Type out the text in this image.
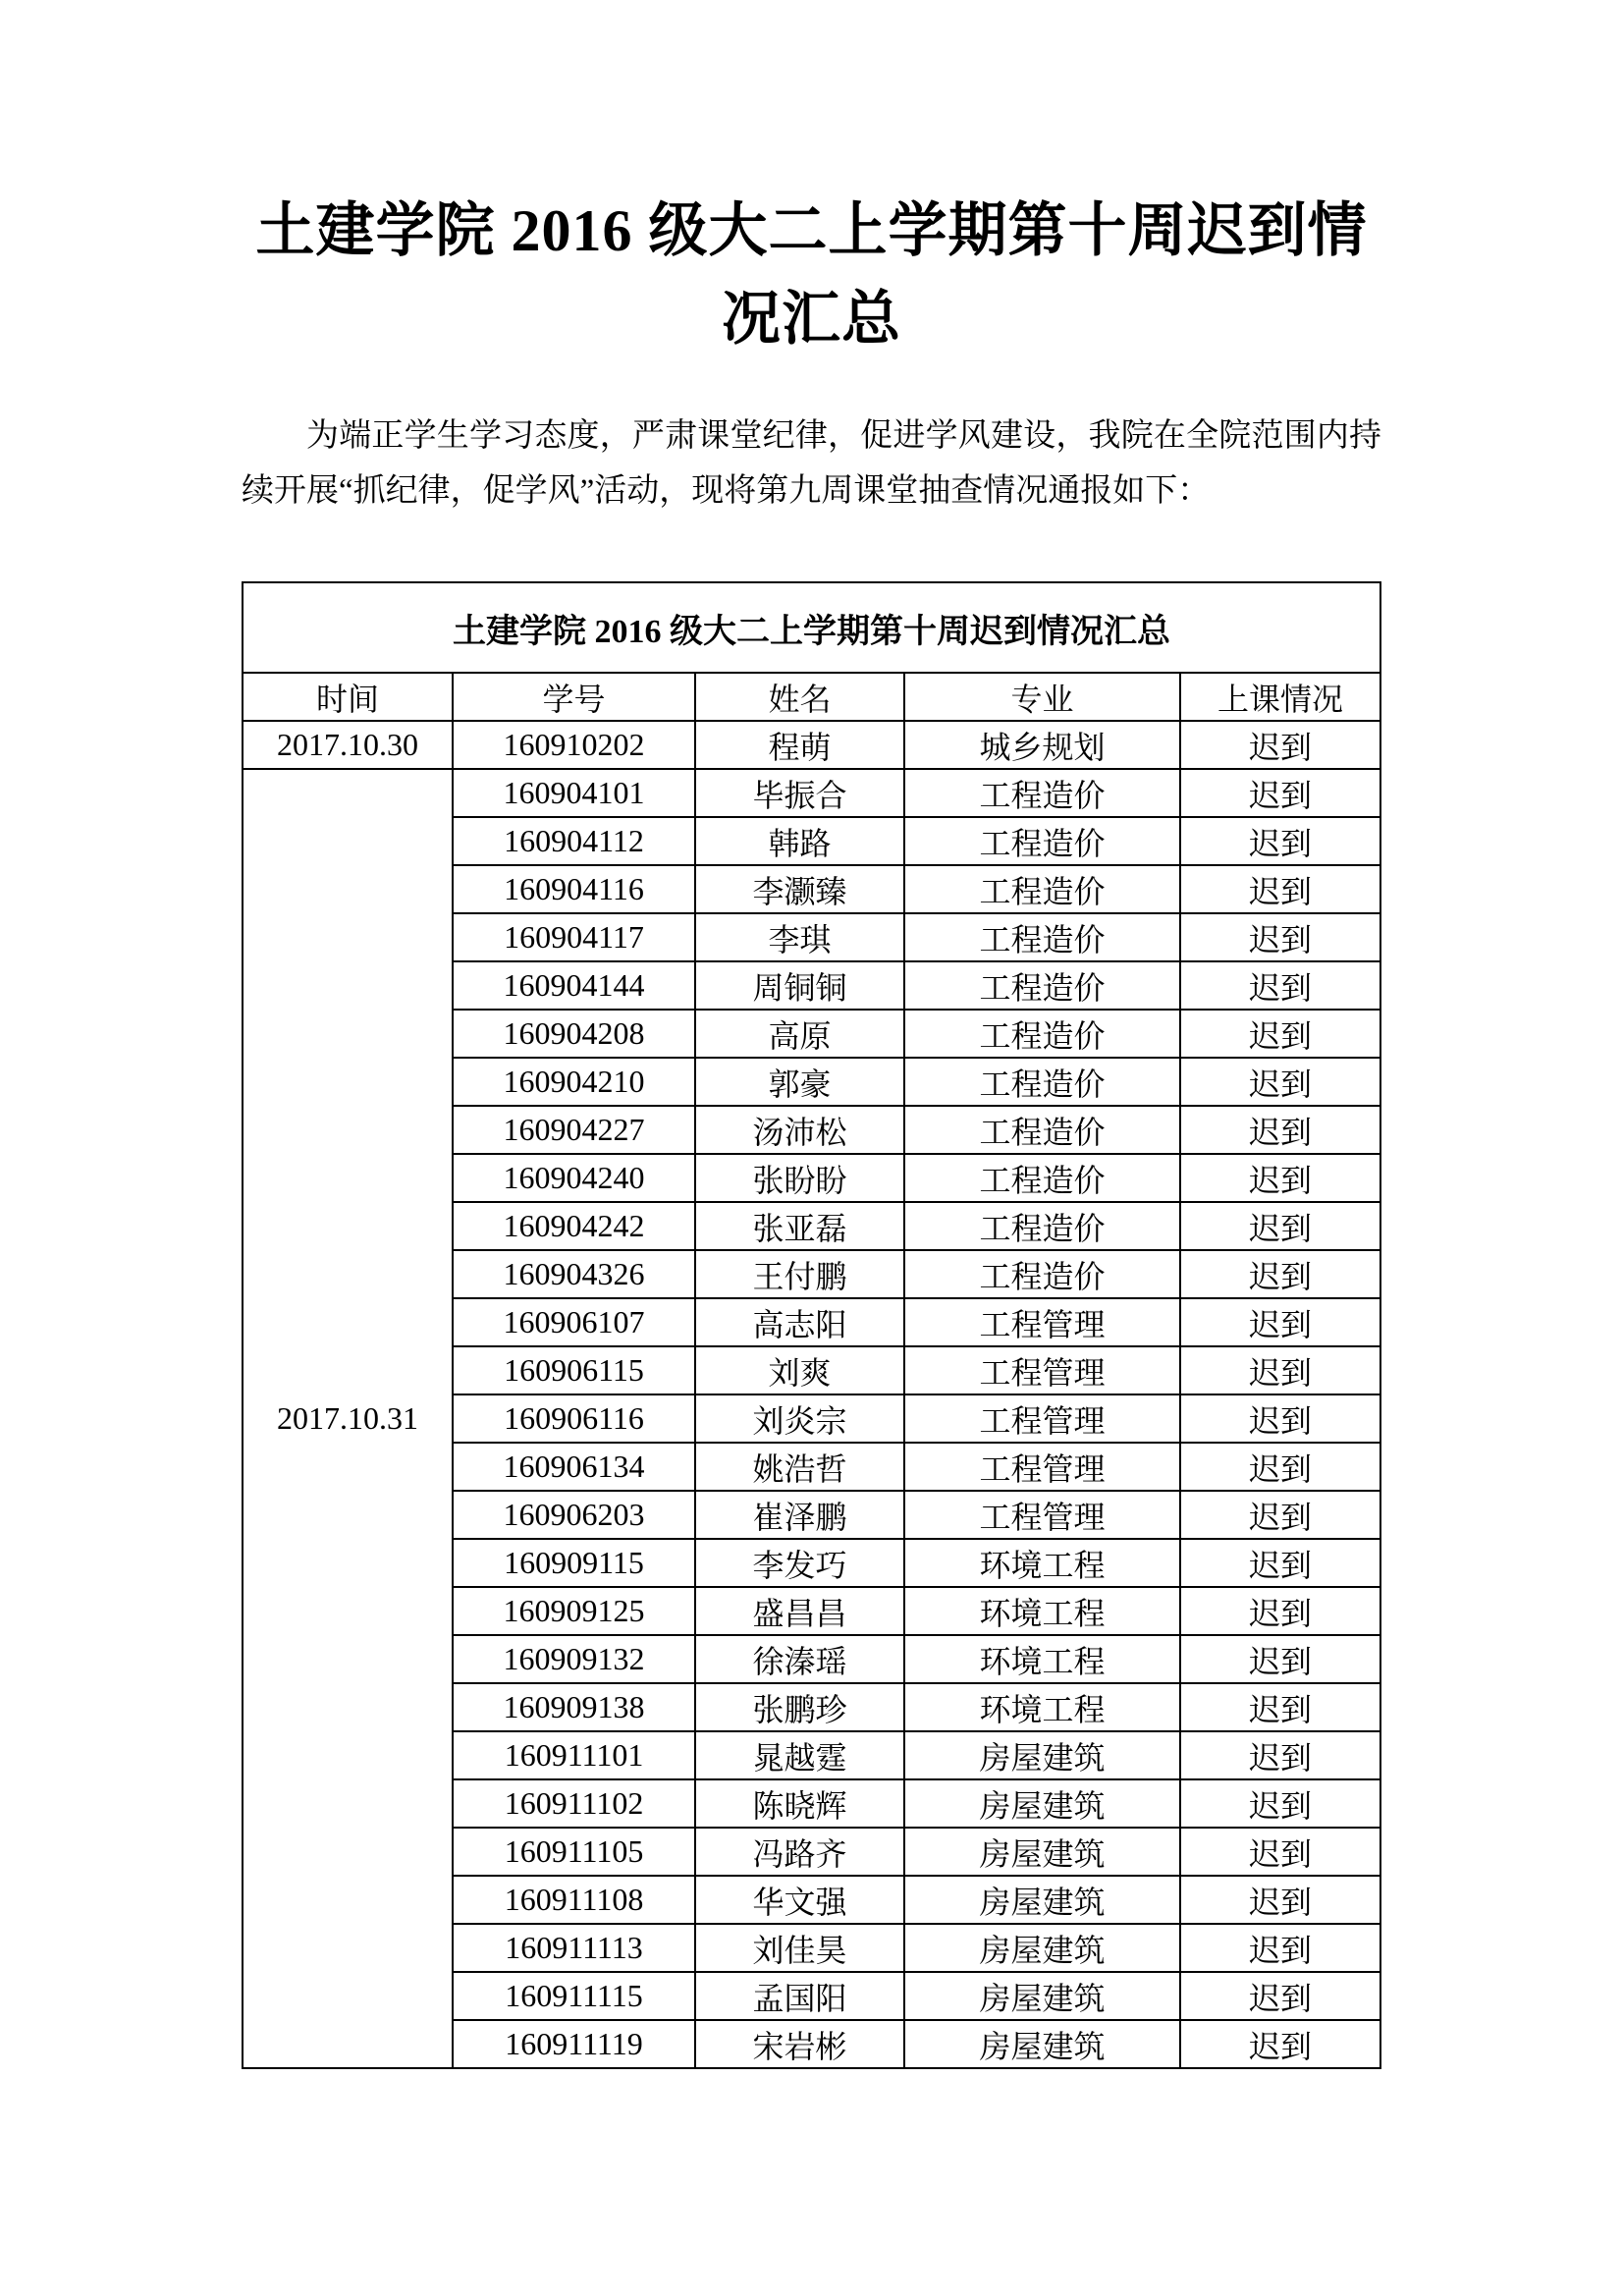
土建学院 2016 级大二上学期第十周迟到情况汇总

为端正学生学习态度，严肃课堂纪律，促进学风建设，我院在全院范围内持续开展“抓纪律，促学风”活动，现将第九周课堂抽查情况通报如下：

土建学院 2016 级大二上学期第十周迟到情况汇总				
时间	学号	姓名	专业	上课情况
2017.10.30	160910202	程萌	城乡规划	迟到
2017.10.31	160904101	毕振合	工程造价	迟到
	160904112	韩路	工程造价	迟到
	160904116	李灏臻	工程造价	迟到
	160904117	李琪	工程造价	迟到
	160904144	周铜铜	工程造价	迟到
	160904208	高原	工程造价	迟到
	160904210	郭豪	工程造价	迟到
	160904227	汤沛松	工程造价	迟到
	160904240	张盼盼	工程造价	迟到
	160904242	张亚磊	工程造价	迟到
	160904326	王付鹏	工程造价	迟到
	160906107	高志阳	工程管理	迟到
	160906115	刘爽	工程管理	迟到
	160906116	刘炎宗	工程管理	迟到
	160906134	姚浩哲	工程管理	迟到
	160906203	崔泽鹏	工程管理	迟到
	160909115	李发巧	环境工程	迟到
	160909125	盛昌昌	环境工程	迟到
	160909132	徐溱瑶	环境工程	迟到
	160909138	张鹏珍	环境工程	迟到
	160911101	晁越霆	房屋建筑	迟到
	160911102	陈晓辉	房屋建筑	迟到
	160911105	冯路齐	房屋建筑	迟到
	160911108	华文强	房屋建筑	迟到
	160911113	刘佳昊	房屋建筑	迟到
	160911115	孟国阳	房屋建筑	迟到
	160911119	宋岩彬	房屋建筑	迟到
